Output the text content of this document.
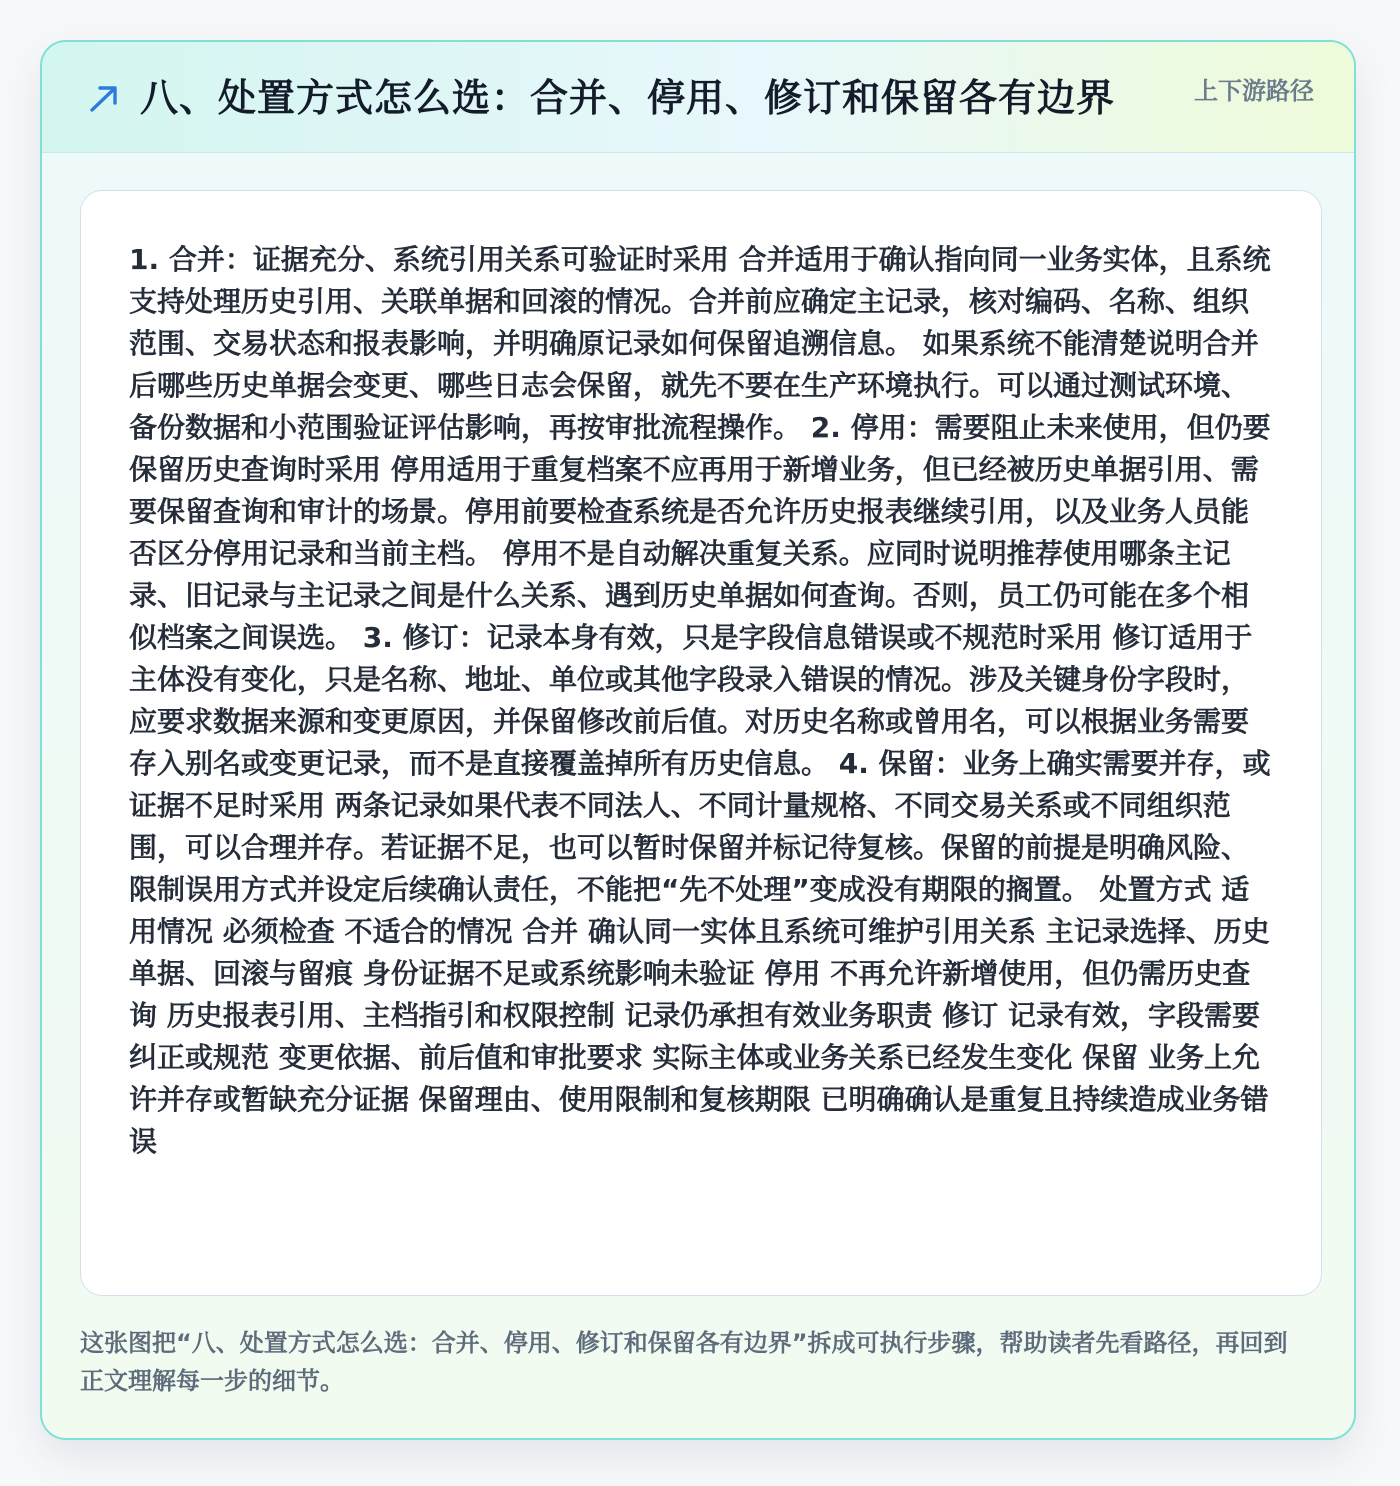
八、处置方式怎么选：合并、停用、修订和保留各有边界	上下游路径

1. 合并：证据充分、系统引用关系可验证时采用 合并适用于确认指向同一业务实体，且系统支持处理历史引用、关联单据和回滚的情况。合并前应确定主记录，核对编码、名称、组织范围、交易状态和报表影响，并明确原记录如何保留追溯信息。 如果系统不能清楚说明合并后哪些历史单据会变更、哪些日志会保留，就先不要在生产环境执行。可以通过测试环境、备份数据和小范围验证评估影响，再按审批流程操作。 2. 停用：需要阻止未来使用，但仍要保留历史查询时采用 停用适用于重复档案不应再用于新增业务，但已经被历史单据引用、需要保留查询和审计的场景。停用前要检查系统是否允许历史报表继续引用，以及业务人员能否区分停用记录和当前主档。 停用不是自动解决重复关系。应同时说明推荐使用哪条主记录、旧记录与主记录之间是什么关系、遇到历史单据如何查询。否则，员工仍可能在多个相似档案之间误选。 3. 修订：记录本身有效，只是字段信息错误或不规范时采用 修订适用于主体没有变化，只是名称、地址、单位或其他字段录入错误的情况。涉及关键身份字段时，应要求数据来源和变更原因，并保留修改前后值。对历史名称或曾用名，可以根据业务需要存入别名或变更记录，而不是直接覆盖掉所有历史信息。 4. 保留：业务上确实需要并存，或证据不足时采用 两条记录如果代表不同法人、不同计量规格、不同交易关系或不同组织范围，可以合理并存。若证据不足，也可以暂时保留并标记待复核。保留的前提是明确风险、限制误用方式并设定后续确认责任，不能把“先不处理”变成没有期限的搁置。 处置方式 适用情况 必须检查 不适合的情况 合并 确认同一实体且系统可维护引用关系 主记录选择、历史单据、回滚与留痕 身份证据不足或系统影响未验证 停用 不再允许新增使用，但仍需历史查询 历史报表引用、主档指引和权限控制 记录仍承担有效业务职责 修订 记录有效，字段需要纠正或规范 变更依据、前后值和审批要求 实际主体或业务关系已经发生变化 保留 业务上允许并存或暂缺充分证据 保留理由、使用限制和复核期限 已明确确认是重复且持续造成业务错误

这张图把“八、处置方式怎么选：合并、停用、修订和保留各有边界”拆成可执行步骤，帮助读者先看路径，再回到正文理解每一步的细节。
